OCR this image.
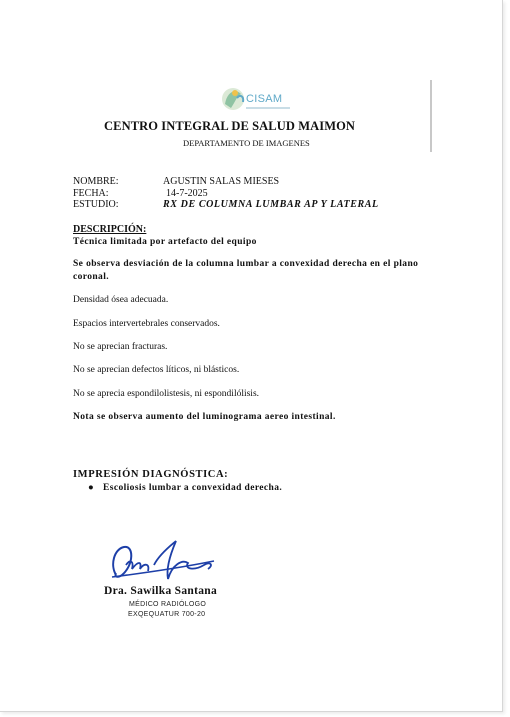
CISAM
CENTRO INTEGRAL DE SALUD MAIMON
DEPARTAMENTO DE IMAGENES
NOMBRE:	AGUSTIN SALAS MIESES
FECHA:	14-7-2025
ESTUDIO:	RX DE COLUMNA LUMBAR AP Y LATERAL
DESCRIPCIÓN:
Técnica limitada por artefacto del equipo
Se observa desviación de la columna lumbar a convexidad derecha en el plano coronal.
Densidad ósea adecuada.
Espacios intervertebrales conservados.
No se aprecian fracturas.
No se aprecian defectos líticos, ni blásticos.
No se aprecia espondilolistesis, ni espondilólisis.
Nota se observa aumento del luminograma aereo intestinal.
IMPRESIÓN DIAGNÓSTICA:
● Escoliosis lumbar a convexidad derecha.
Dra. Sawilka Santana
MÉDICO RADIÓLOGO
EXQEQUATUR 700-20
